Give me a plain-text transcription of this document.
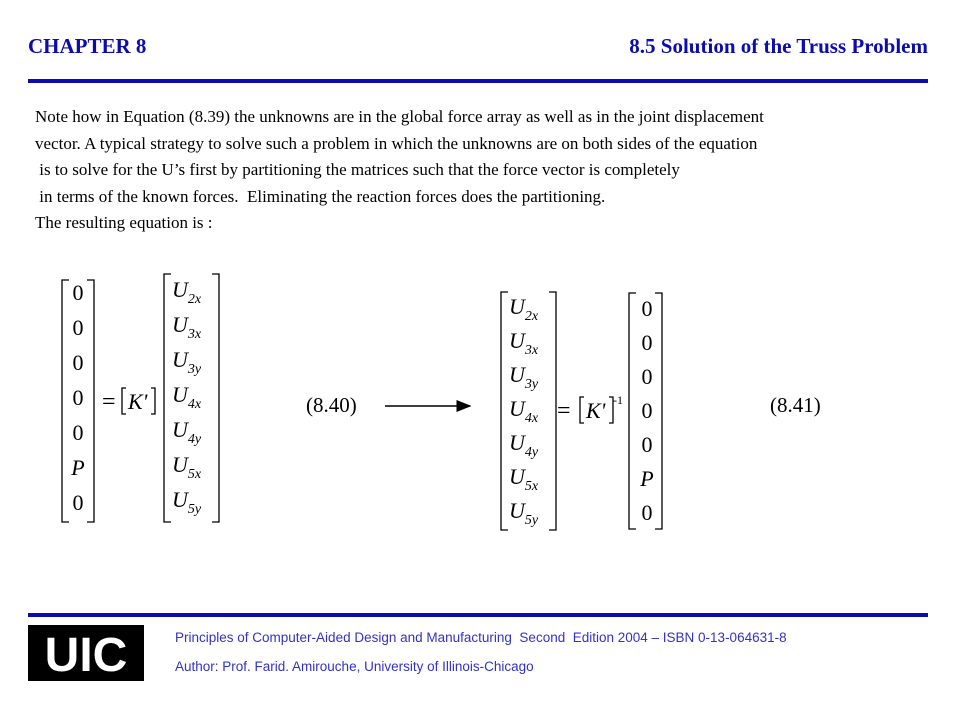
CHAPTER 8	8.5 Solution of the Truss Problem
Note how in Equation (8.39) the unknowns are in the global force array as well as in the joint displacement
vector. A typical strategy to solve such a problem in which the unknowns are on both sides of the equation
is to solve for the U’s first by partitioning the matrices such that the force vector is completely
in terms of the known forces.  Eliminating the reaction forces does the partitioning.
The resulting equation is :
0
0
0
0
0
P
0
= K'
$U_{2x}$
$U_{3x}$
$U_{3y}$
$U_{4x}$
$U_{4y}$
$U_{5x}$
$U_{5y}$
(8.40)
$U_{2x}$
$U_{3x}$
$U_{3y}$
$U_{4x}$
$U_{4y}$
$U_{5x}$
$U_{5y}$
= K' -1
0
0
0
0
0
P
0
(8.41)
UIC	Principles of Computer-Aided Design and Manufacturing  Second  Edition 2004 – ISBN 0-13-064631-8
Author: Prof. Farid. Amirouche, University of Illinois-Chicago
